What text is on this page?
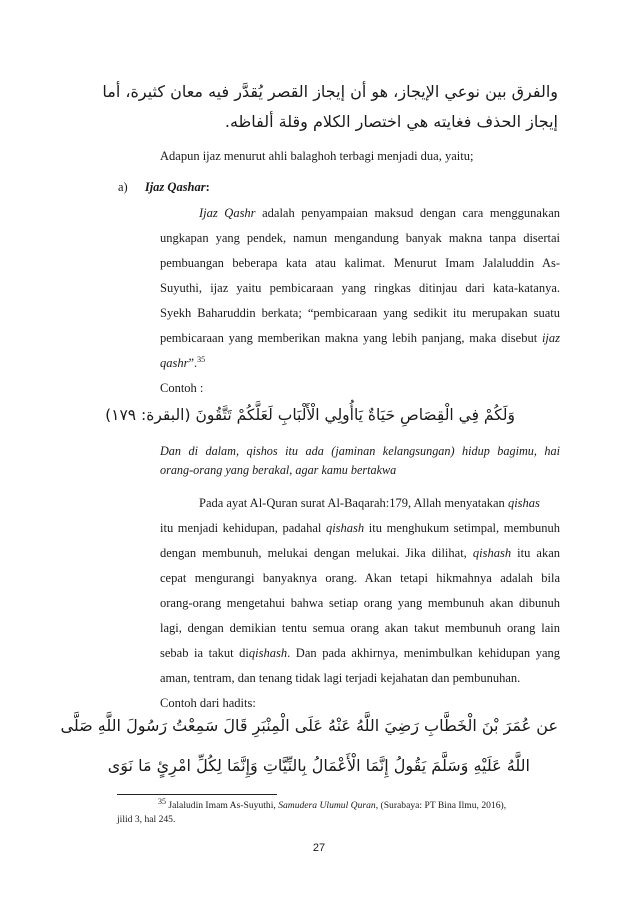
والفرق بين نوعي الإيجاز، هو أن إيجاز القصر يُقدَّر فيه معان كثيرة، أما
إيجاز الحذف فغايته هي اختصار الكلام وقلة ألفاظه.
Adapun ijaz menurut ahli balaghoh terbagi menjadi dua, yaitu;
a) Ijaz Qashar:
Ijaz Qashr adalah penyampaian maksud dengan cara menggunakan
ungkapan yang pendek, namun mengandung banyak makna tanpa disertai
pembuangan beberapa kata atau kalimat. Menurut Imam Jalaluddin As-
Suyuthi, ijaz yaitu pembicaraan yang ringkas ditinjau dari kata-katanya.
Syekh Baharuddin berkata; “pembicaraan yang sedikit itu merupakan suatu
pembicaraan yang memberikan makna yang lebih panjang, maka disebut ijaz
qashr”.$^{35}$
Contoh :
وَلَكُمْ فِي الْقِصَاصِ حَيَاةٌ يَاأُولِي الْأَلْبَابِ لَعَلَّكُمْ تَتَّقُونَ (البقرة: ١٧٩)
Dan di dalam, qishos itu ada (jaminan kelangsungan) hidup bagimu, hai
orang-orang yang berakal, agar kamu bertakwa
Pada ayat Al-Quran surat Al-Baqarah:179, Allah menyatakan qishas
itu menjadi kehidupan, padahal qishash itu menghukum setimpal, membunuh
dengan membunuh, melukai dengan melukai. Jika dilihat, qishash itu akan
cepat mengurangi banyaknya orang. Akan tetapi hikmahnya adalah bila
orang-orang mengetahui bahwa setiap orang yang membunuh akan dibunuh
lagi, dengan demikian tentu semua orang akan takut membunuh orang lain
sebab ia takut diqishash. Dan pada akhirnya, menimbulkan kehidupan yang
aman, tentram, dan tenang tidak lagi terjadi kejahatan dan pembunuhan.
Contoh dari hadits:
عن عُمَرَ بْنَ الْخَطَّابِ رَضِيَ اللَّهُ عَنْهُ عَلَى الْمِنْبَرِ قَالَ سَمِعْتُ رَسُولَ اللَّهِ صَلَّى
اللَّهُ عَلَيْهِ وَسَلَّمَ يَقُولُ إِنَّمَا الْأَعْمَالُ بِالنِّيَّاتِ وَإِنَّمَا لِكُلِّ امْرِئٍ مَا نَوَى
$^{35}$ Jalaludin Imam As-Suyuthi, Samudera Ulumul Quran, (Surabaya: PT Bina Ilmu, 2016),
jilid 3, hal 245.
27
